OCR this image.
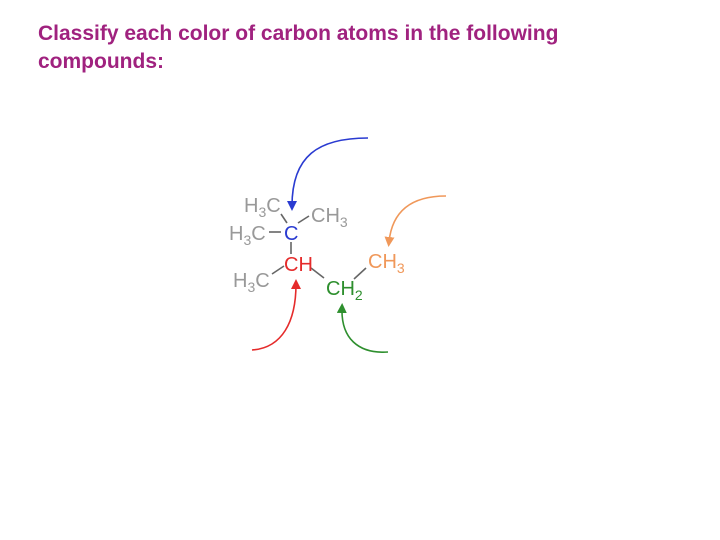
Classify each color of carbon atoms in the following compounds:
$H_3C$ $CH_3$
$H_3C$ C
CH
$H_3C$	$CH_2$
$CH_3$
